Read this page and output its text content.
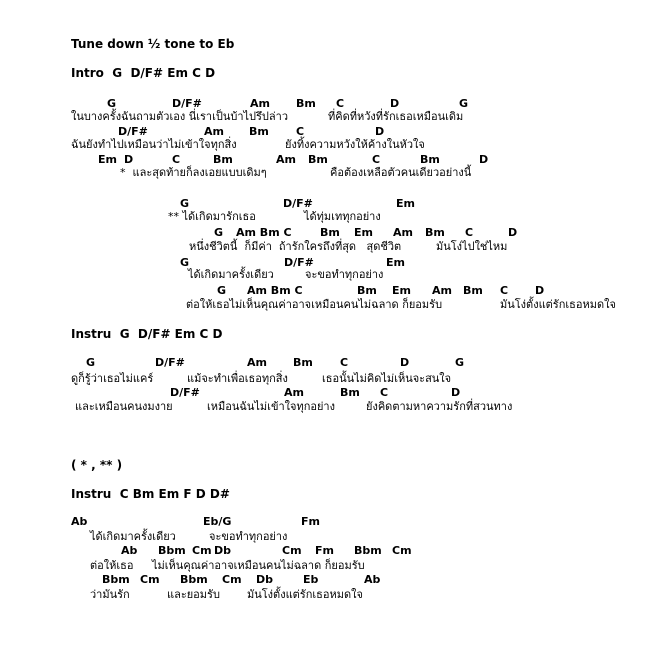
Tune down ½ tone to Eb
Intro  G  D/F# Em C D
Instru  G  D/F# Em C D
( * , ** )
Instru  C Bm Em F D D#
G	D/F#	Am Bm C	D	G
ในบางครั้งฉันถามตัวเอง นี่เราเป็นบ้าไปรึปล่าว	ที่คิดที่หวังที่รักเธอเหมือนเดิม
D/F#	Am Bm C	D
ฉันยังทำไปเหมือนว่าไม่เข้าใจทุกสิ่ง	ยังทิ้งความหวังให้ค้างในหัวใจ
Em D	C	Bm	Am Bm	C	Bm	D
*  และสุดท้ายก็ลงเอยแบบเดิมๆ	คือต้องเหลือตัวคนเดียวอย่างนี้
G	D/F#	Em
** ได้เกิดมารักเธอ	ได้ทุ่มเททุกอย่าง
G Am Bm C	Bm Em Am Bm C	D
หนึ่งชีวิตนี้  ก็มีค่า  ถ้ารักใครถึงที่สุด   สุดชีวิต	มันโง่ไปใช่ไหม
G	D/F#	Em
ได้เกิดมาครั้งเดียว	จะขอทำทุกอย่าง
G Am Bm C	Bm Em Am Bm C D
ต่อให้เธอไม่เห็นคุณค่าอาจเหมือนคนไม่ฉลาด ก็ยอมรับ	มันโง่ตั้งแต่รักเธอหมดใจ
G	D/F#	Am Bm C	D	G
ดูก็รู้ว่าเธอไม่แคร์	แม้จะทำเพื่อเธอทุกสิ่ง	เธอนั้นไม่คิดไม่เห็นจะสนใจ
D/F#	Am	Bm C	D
และเหมือนคนงมงาย	เหมือนฉันไม่เข้าใจทุกอย่าง	ยังคิดตามหาความรักที่สวนทาง
Ab	Eb/G	Fm
ได้เกิดมาครั้งเดียว	จะขอทำทุกอย่าง
Ab Bbm Cm Db	Cm Fm Bbm Cm
ต่อให้เธอ ไม่เห็นคุณค่าอาจเหมือนคนไม่ฉลาด ก็ยอมรับ
Bbm Cm Bbm Cm Db	Eb	Ab
ว่ามันรัก	และยอมรับ มันโง่ตั้งแต่รักเธอหมดใจ
